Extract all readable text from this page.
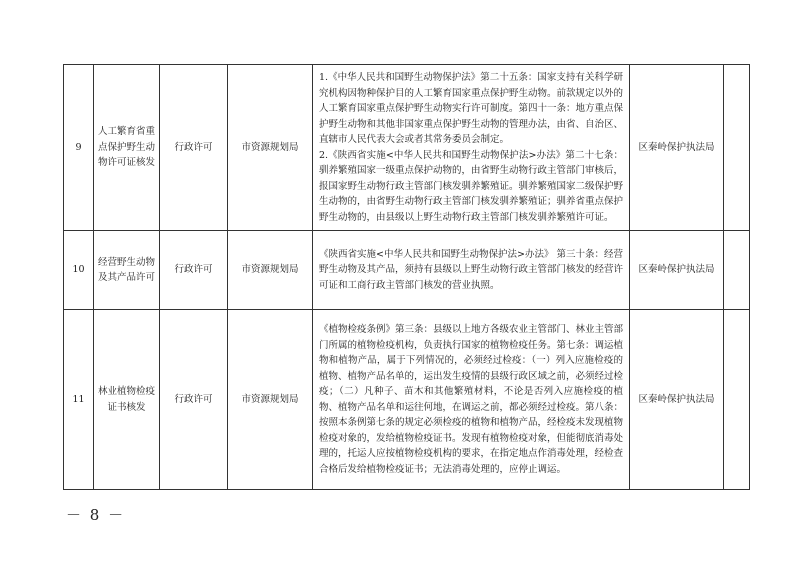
9	人工繁育省重点保护野生动物许可证核发	行政许可	市资源规划局	1.《中华人民共和国野生动物保护法》第二十五条：国家支持有关科学研究机构因物种保护目的人工繁育国家重点保护野生动物。前款规定以外的人工繁育国家重点保护野生动物实行许可制度。第四十一条：地方重点保护野生动物和其他非国家重点保护野生动物的管理办法，由省、自治区、直辖市人民代表大会或者其常务委员会制定。

2.《陕西省实施<中华人民共和国野生动物保护法>办法》第二十七条：驯养繁殖国家一级重点保护动物的，由省野生动物行政主管部门审核后，报国家野生动物行政主管部门核发驯养繁殖证。驯养繁殖国家二级保护野生动物的，由省野生动物行政主管部门核发驯养繁殖证；驯养省重点保护野生动物的，由县级以上野生动物行政主管部门核发驯养繁殖许可证。	区秦岭保护执法局	
10	经营野生动物及其产品许可	行政许可	市资源规划局	《陕西省实施<中华人民共和国野生动物保护法>办法》 第三十条：经营野生动物及其产品，须持有县级以上野生动物行政主管部门核发的经营许可证和工商行政主管部门核发的营业执照。	区秦岭保护执法局	
11	林业植物检疫证书核发	行政许可	市资源规划局	《植物检疫条例》第三条：县级以上地方各级农业主管部门、林业主管部门所属的植物检疫机构，负责执行国家的植物检疫任务。第七条：调运植物和植物产品，属于下列情况的，必须经过检疫：（一）列入应施检疫的植物、植物产品名单的，运出发生疫情的县级行政区域之前，必须经过检疫；（二）凡种子、苗木和其他繁殖材料，不论是否列入应施检疫的植物、植物产品名单和运往何地，在调运之前，都必须经过检疫。第八条：按照本条例第七条的规定必须检疫的植物和植物产品，经检疫未发现植物检疫对象的，发给植物检疫证书。发现有植物检疫对象，但能彻底消毒处理的，托运人应按植物检疫机构的要求，在指定地点作消毒处理，经检查合格后发给植物检疫证书；无法消毒处理的，应停止调运。	区秦岭保护执法局	
－ 8 －
